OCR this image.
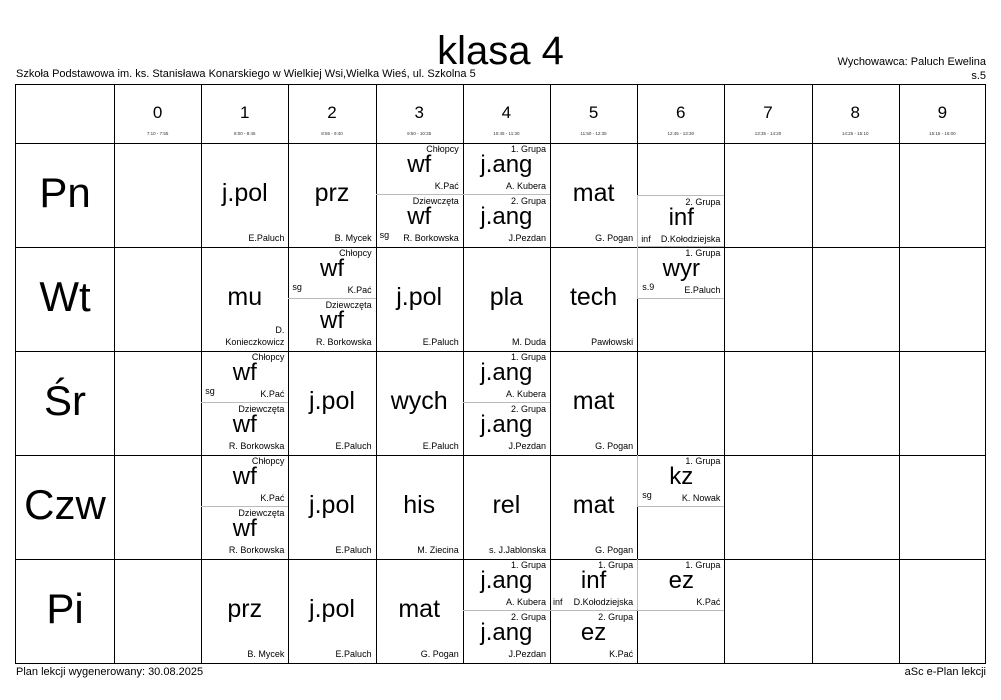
klasa 4
Szkoła Podstawowa im. ks. Stanisława Konarskiego w Wielkiej Wsi,Wielka Wieś, ul. Szkolna 5
Wychowawca: Paluch Ewelina
s.5
0
7:10 - 7:55
1
8:00 - 8:45
2
8:55 - 9:40
3
9:50 - 10:35
4
10:45 - 11:30
5
11:50 - 12:35
6
12:45 - 13:30
7
13:35 - 14:20
8
14:25 - 15:10
9
15:15 - 16:00
Pn
Wt
Śr
Czw
Pi
j.pol
E.Paluch
prz
B. Mycek
Chłopcy
wf
K.Pać
Dziewczęta
wf
R. Borkowska
sg
1. Grupa
j.ang
A. Kubera
2. Grupa
j.ang
J.Pezdan
mat
G. Pogan
2. Grupa
inf
D.Kołodziejska
inf
mu
D.
Konieczkowicz
Chłopcy
wf
K.Pać
sg
Dziewczęta
wf
R. Borkowska
j.pol
E.Paluch
pla
M. Duda
tech
Pawłowski
1. Grupa
wyr
E.Paluch
s.9
Chłopcy
wf
K.Pać
sg
Dziewczęta
wf
R. Borkowska
j.pol
E.Paluch
wych
E.Paluch
1. Grupa
j.ang
A. Kubera
2. Grupa
j.ang
J.Pezdan
mat
G. Pogan
Chłopcy
wf
K.Pać
Dziewczęta
wf
R. Borkowska
j.pol
E.Paluch
his
M. Ziecina
rel
s. J.Jablonska
mat
G. Pogan
1. Grupa
kz
K. Nowak
sg
prz
B. Mycek
j.pol
E.Paluch
mat
G. Pogan
1. Grupa
j.ang
A. Kubera
2. Grupa
j.ang
J.Pezdan
1. Grupa
inf
D.Kołodziejska
inf
2. Grupa
ez
K.Pać
1. Grupa
ez
K.Pać
Plan lekcji wygenerowany: 30.08.2025	aSc e-Plan lekcji
